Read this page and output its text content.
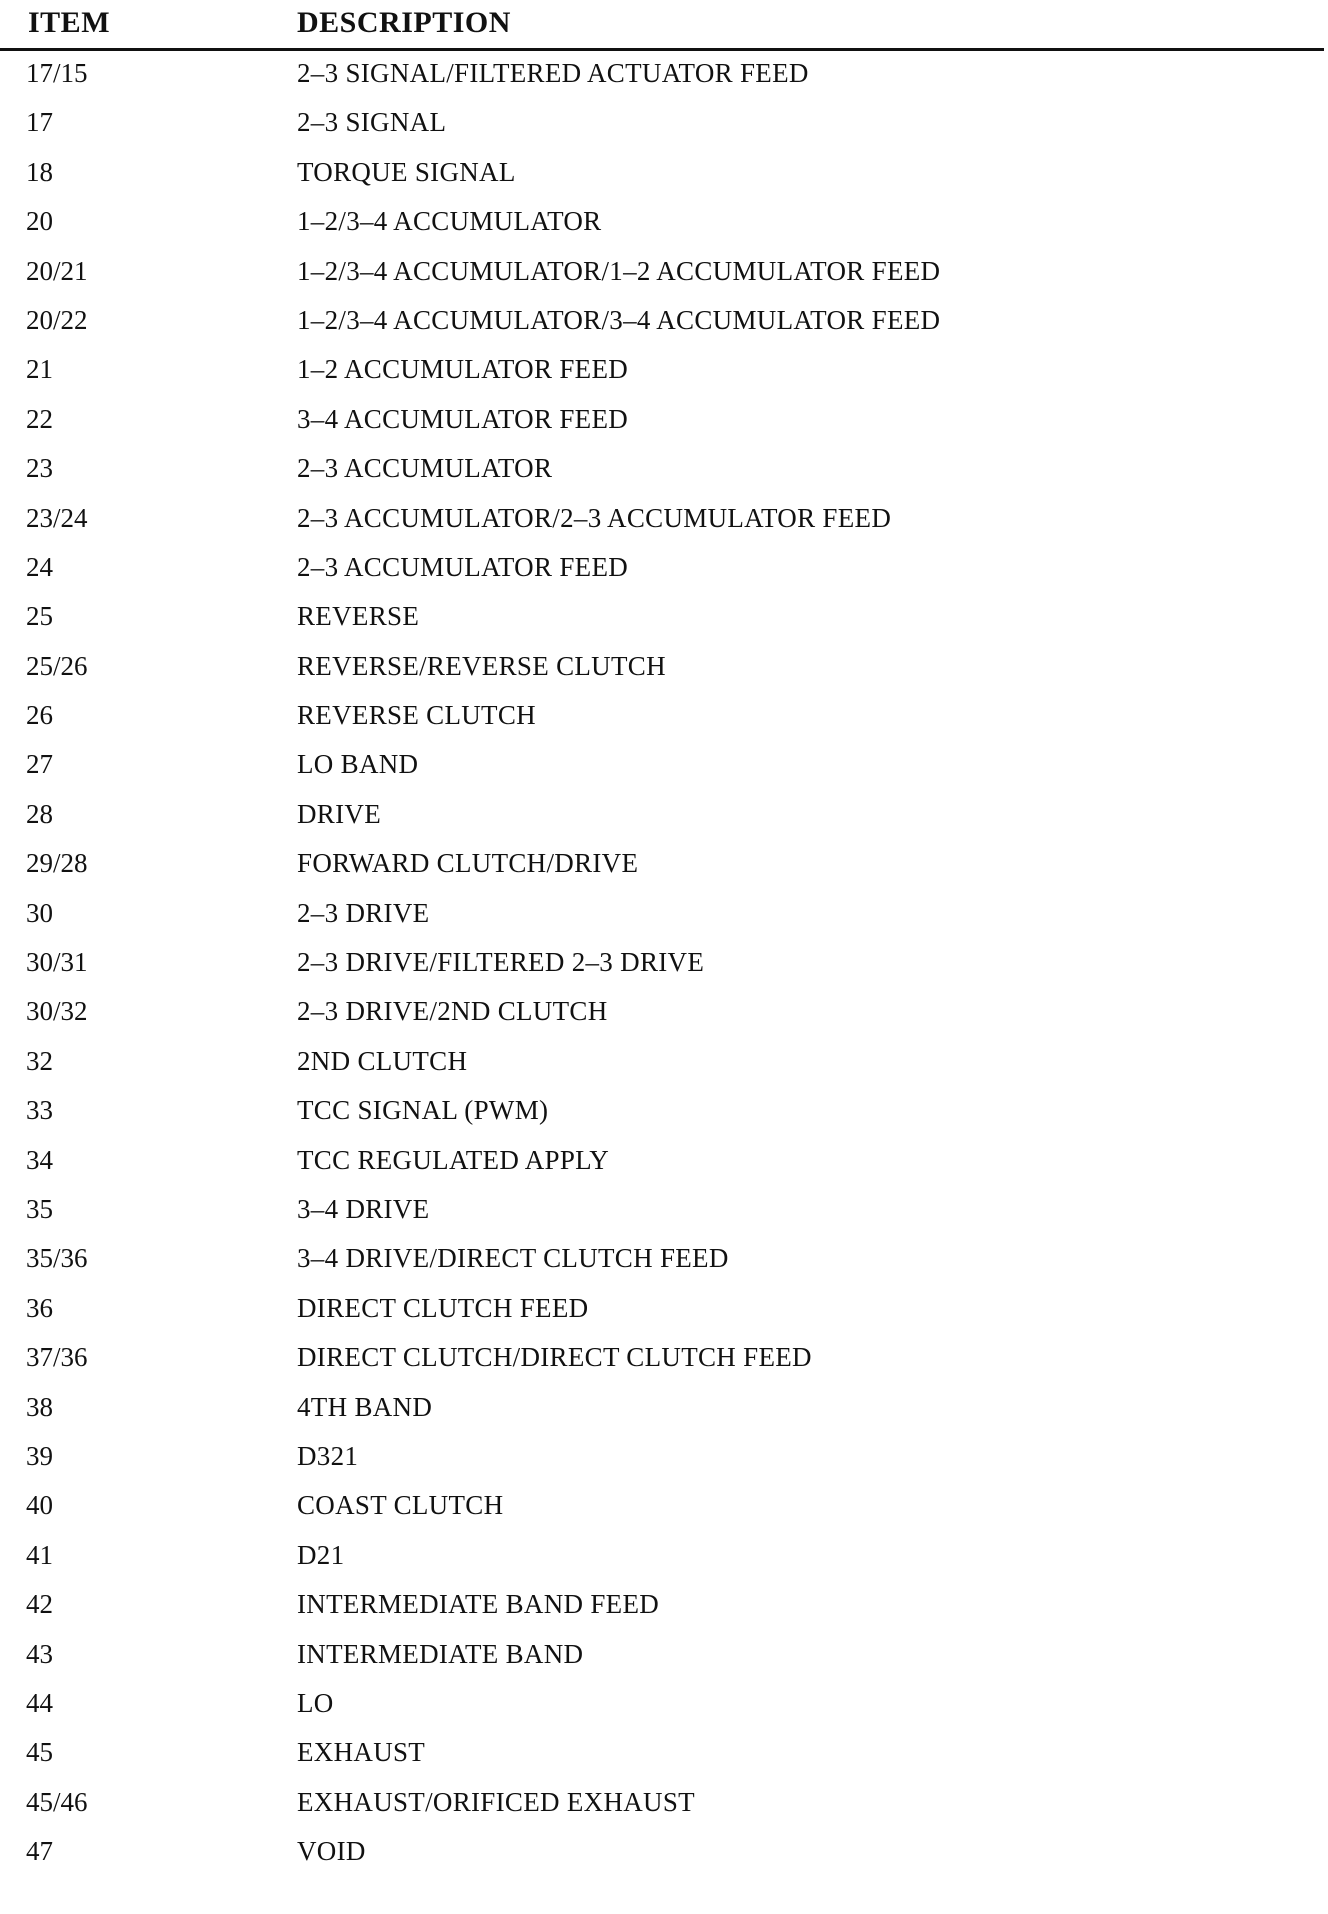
ITEM	DESCRIPTION
17/15	2–3 SIGNAL/FILTERED ACTUATOR FEED
17	2–3 SIGNAL
18	TORQUE SIGNAL
20	1–2/3–4 ACCUMULATOR
20/21	1–2/3–4 ACCUMULATOR/1–2 ACCUMULATOR FEED
20/22	1–2/3–4 ACCUMULATOR/3–4 ACCUMULATOR FEED
21	1–2 ACCUMULATOR FEED
22	3–4 ACCUMULATOR FEED
23	2–3 ACCUMULATOR
23/24	2–3 ACCUMULATOR/2–3 ACCUMULATOR FEED
24	2–3 ACCUMULATOR FEED
25	REVERSE
25/26	REVERSE/REVERSE CLUTCH
26	REVERSE CLUTCH
27	LO BAND
28	DRIVE
29/28	FORWARD CLUTCH/DRIVE
30	2–3 DRIVE
30/31	2–3 DRIVE/FILTERED 2–3 DRIVE
30/32	2–3 DRIVE/2ND CLUTCH
32	2ND CLUTCH
33	TCC SIGNAL (PWM)
34	TCC REGULATED APPLY
35	3–4 DRIVE
35/36	3–4 DRIVE/DIRECT CLUTCH FEED
36	DIRECT CLUTCH FEED
37/36	DIRECT CLUTCH/DIRECT CLUTCH FEED
38	4TH BAND
39	D321
40	COAST CLUTCH
41	D21
42	INTERMEDIATE BAND FEED
43	INTERMEDIATE BAND
44	LO
45	EXHAUST
45/46	EXHAUST/ORIFICED EXHAUST
47	VOID
